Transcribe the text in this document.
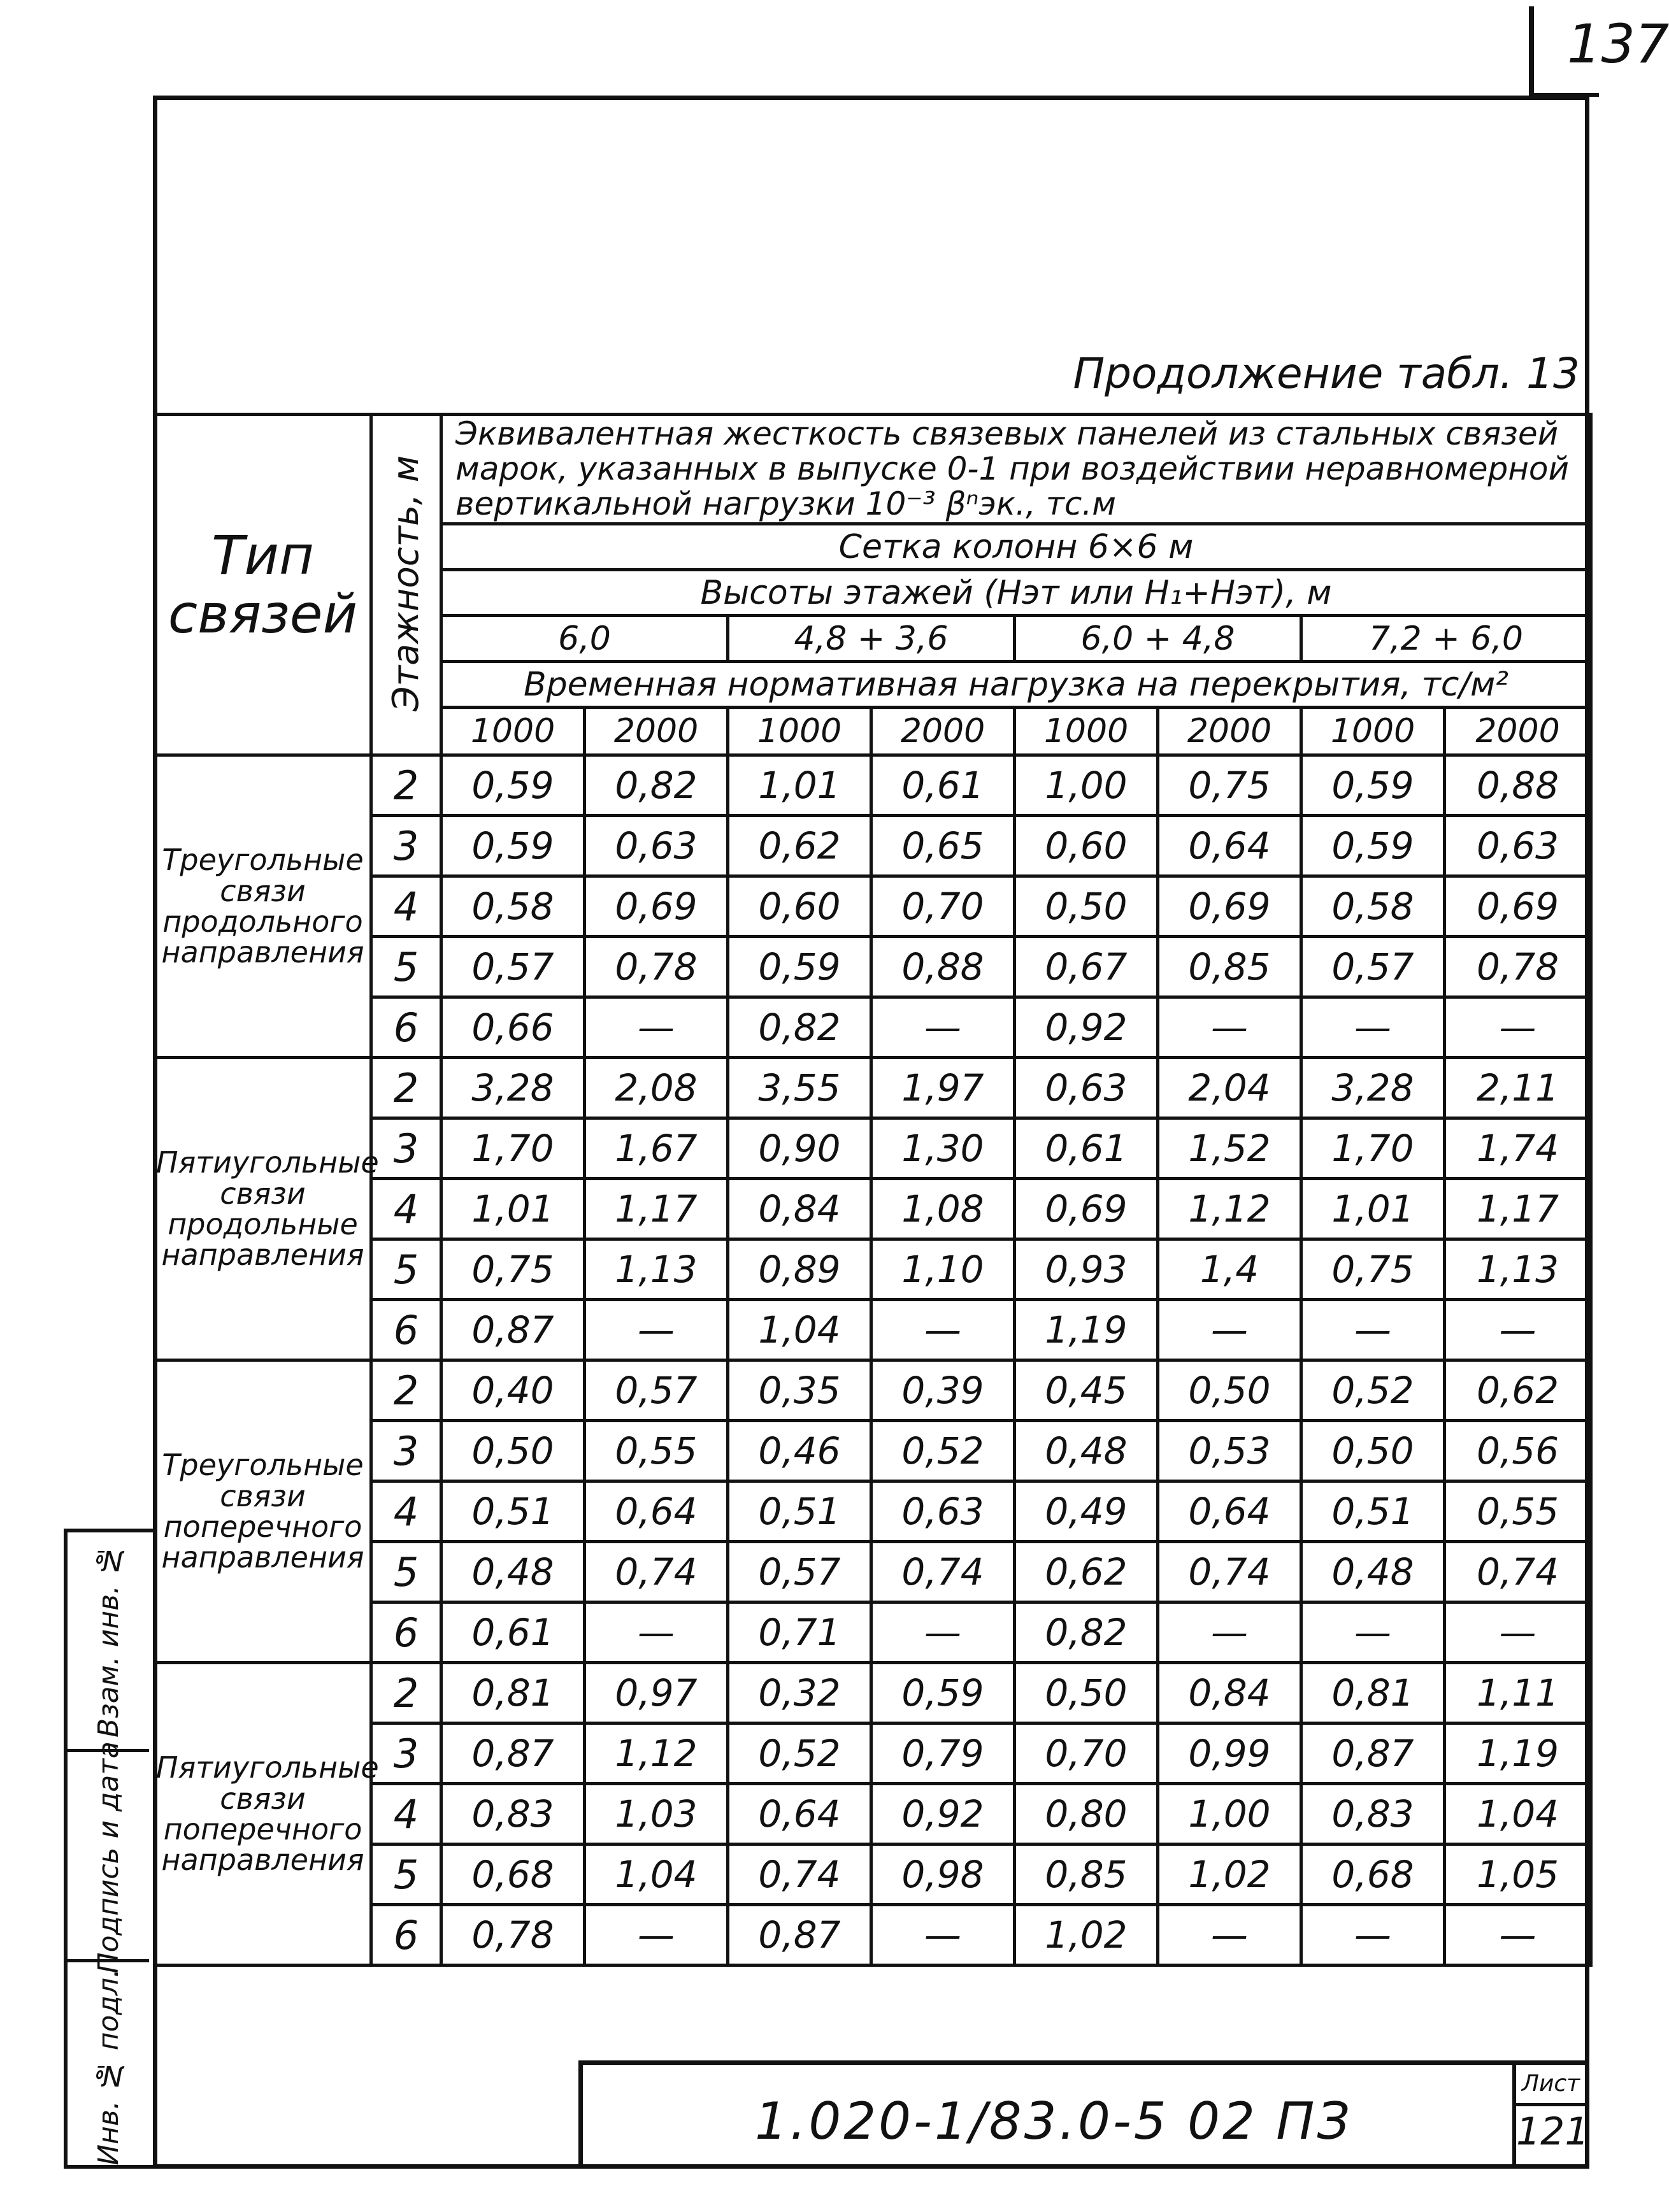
137
Продолжение табл. 13
Тип связей	Этажность, м	Эквивалентная жесткость связевых панелей из стальных связей марок, указанных в выпуске 0-1 при воздействии неравномерной вертикальной нагрузки 10⁻³ βⁿэк., тс.м							
		Сетка колонн 6×6 м							
		Высоты этажей (Нэт или Н₁+Нэт), м							
		6,0		4,8 + 3,6		6,0 + 4,8		7,2 + 6,0	
		Временная нормативная нагрузка на перекрытия, тс/м²							
		1000	2000	1000	2000	1000	2000	1000	2000
Треугольные связи продольного направления	2	0,59	0,82	1,01	0,61	1,00	0,75	0,59	0,88
	3	0,59	0,63	0,62	0,65	0,60	0,64	0,59	0,63
	4	0,58	0,69	0,60	0,70	0,50	0,69	0,58	0,69
	5	0,57	0,78	0,59	0,88	0,67	0,85	0,57	0,78
	6	0,66	—	0,82	—	0,92	—	—	—
Пятиугольные связи продольные направления	2	3,28	2,08	3,55	1,97	0,63	2,04	3,28	2,11
	3	1,70	1,67	0,90	1,30	0,61	1,52	1,70	1,74
	4	1,01	1,17	0,84	1,08	0,69	1,12	1,01	1,17
	5	0,75	1,13	0,89	1,10	0,93	1,4	0,75	1,13
	6	0,87	—	1,04	—	1,19	—	—	—
Треугольные связи поперечного направления	2	0,40	0,57	0,35	0,39	0,45	0,50	0,52	0,62
	3	0,50	0,55	0,46	0,52	0,48	0,53	0,50	0,56
	4	0,51	0,64	0,51	0,63	0,49	0,64	0,51	0,55
	5	0,48	0,74	0,57	0,74	0,62	0,74	0,48	0,74
	6	0,61	—	0,71	—	0,82	—	—	—
Пятиугольные связи поперечного направления	2	0,81	0,97	0,32	0,59	0,50	0,84	0,81	1,11
	3	0,87	1,12	0,52	0,79	0,70	0,99	0,87	1,19
	4	0,83	1,03	0,64	0,92	0,80	1,00	0,83	1,04
	5	0,68	1,04	0,74	0,98	0,85	1,02	0,68	1,05
	6	0,78	—	0,87	—	1,02	—	—	—
Взам. инв. №
Подпись и дата
Инв. № подл.	1.020-1/83.0-5 02 ПЗ
Лист
121
